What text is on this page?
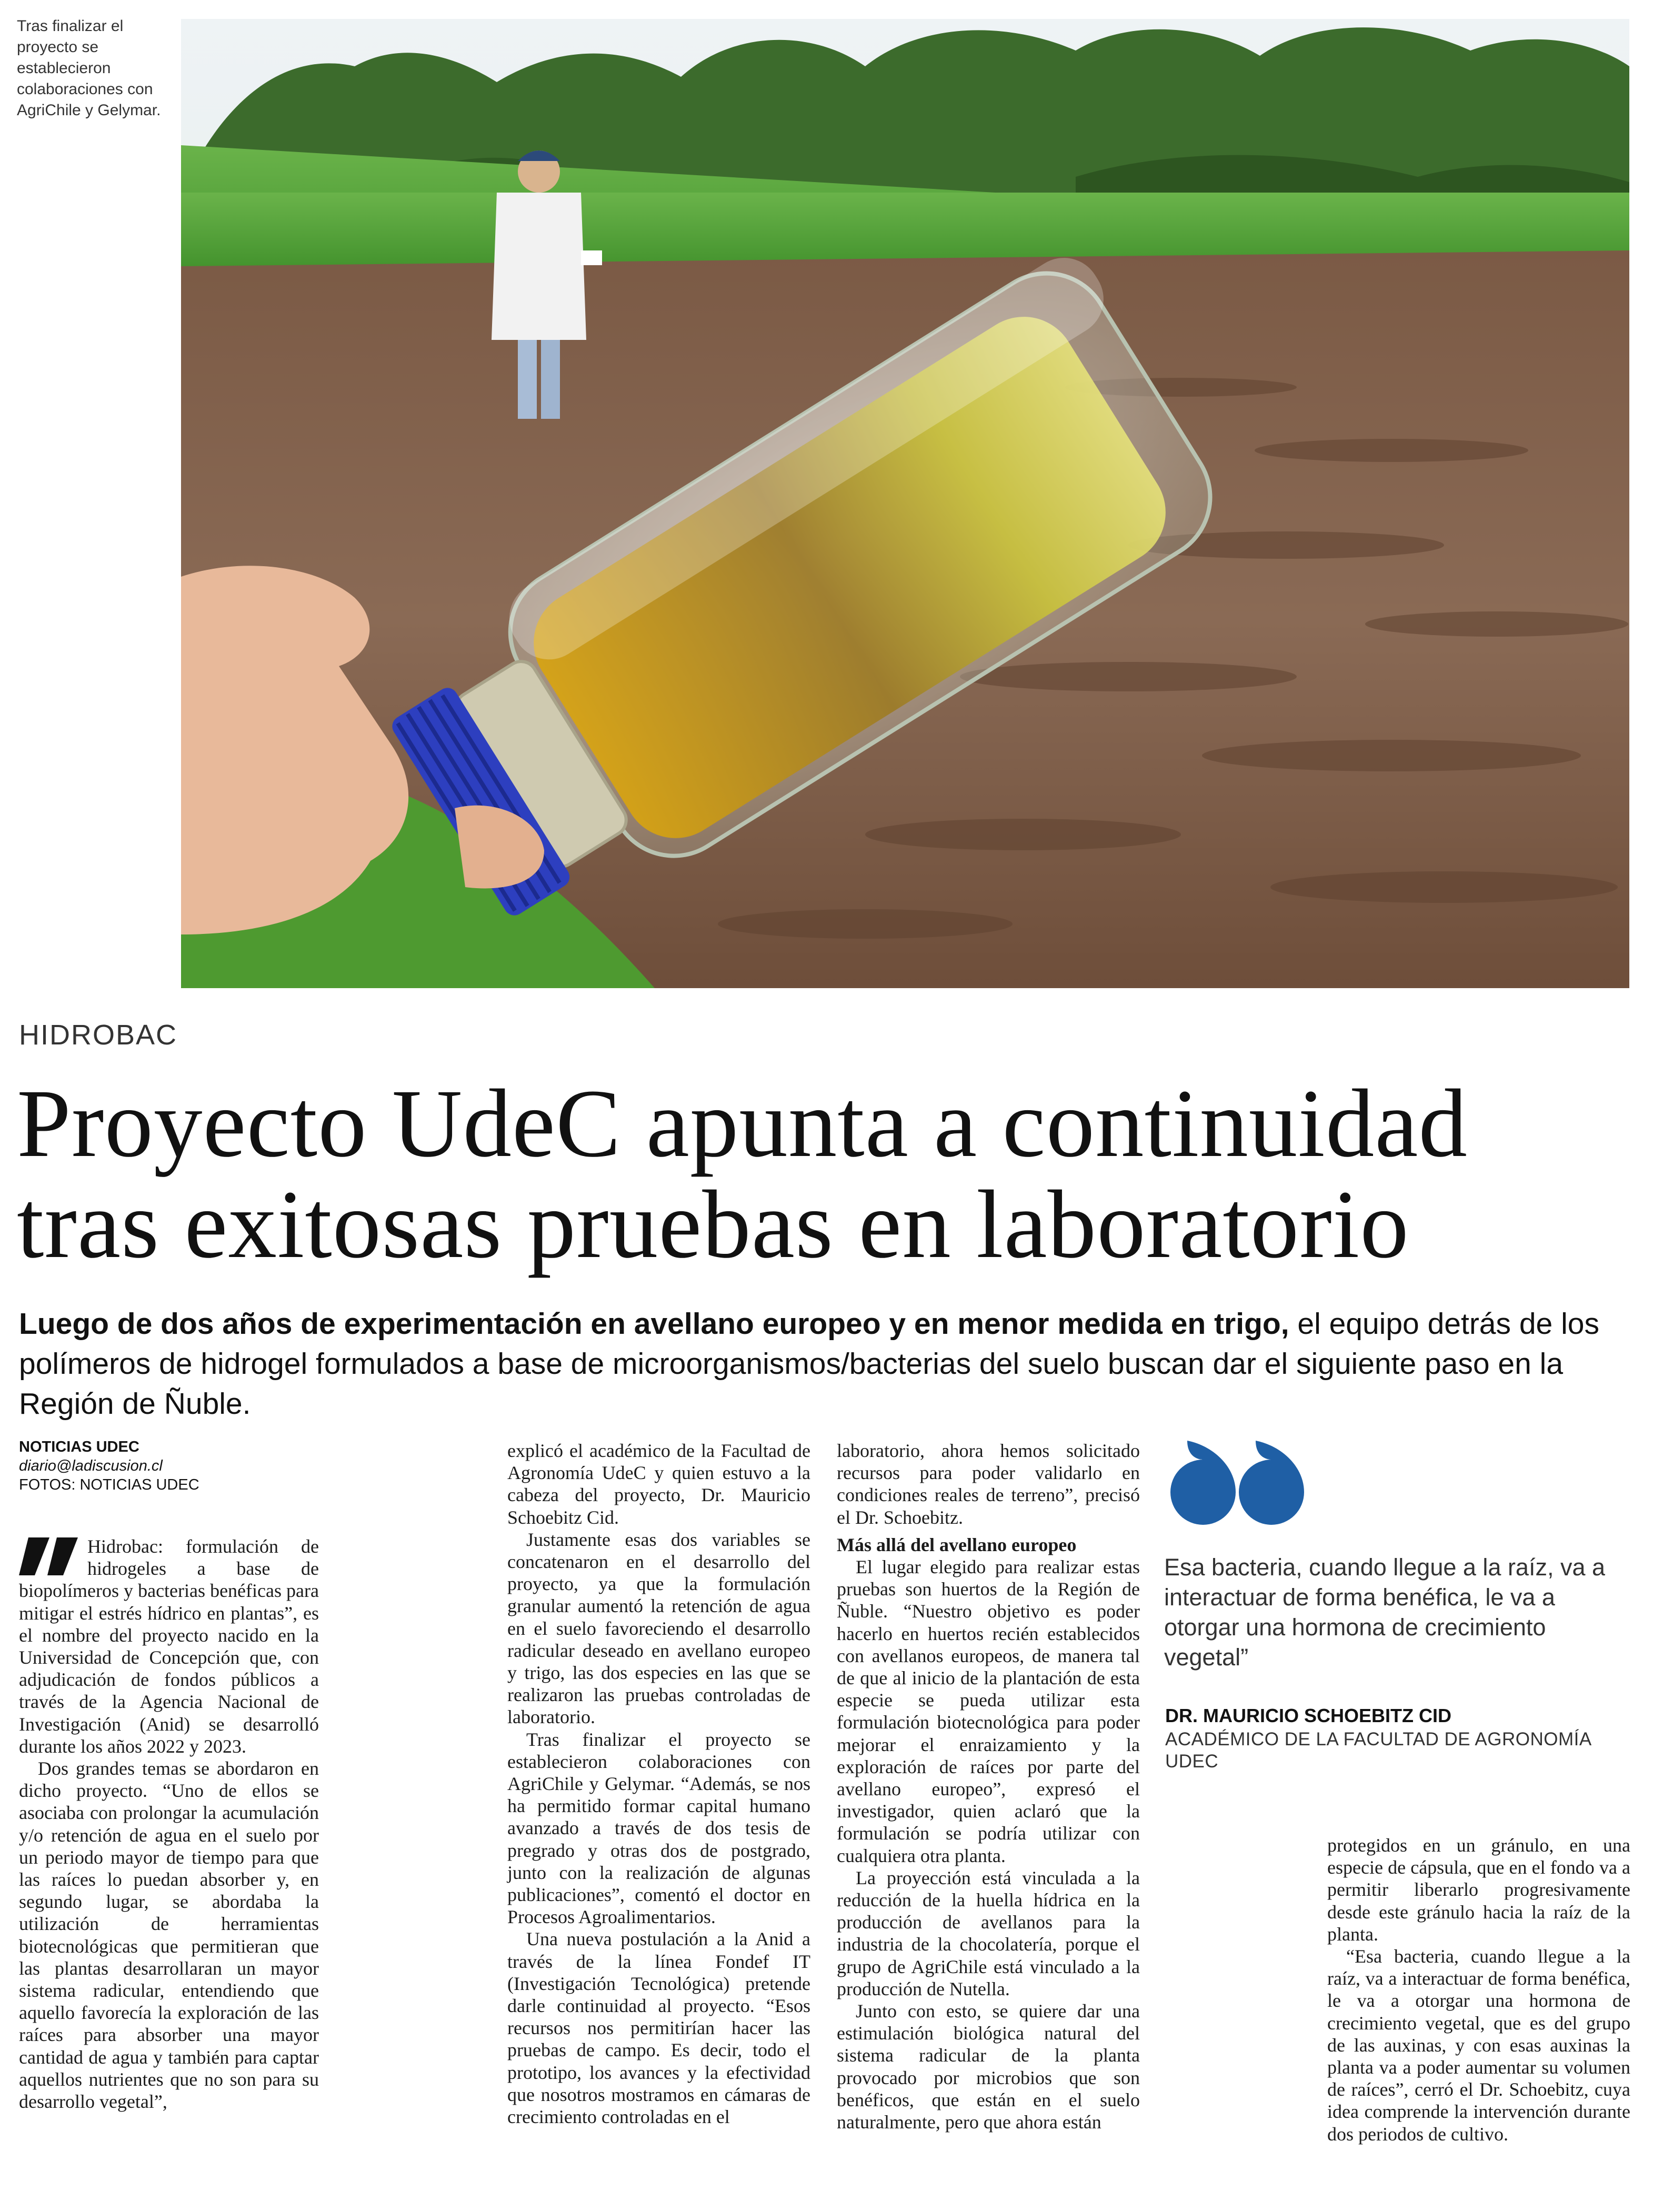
Tras finalizar el proyecto se establecieron colaboraciones con AgriChile y Gelymar.
HIDROBAC
Proyecto UdeC apunta a continuidad
tras exitosas pruebas en laboratorio
Luego de dos años de experimentación en avellano europeo y en menor medida en trigo, el equipo detrás de los polímeros de hidrogel formulados a base de microorganismos/bacterias del suelo buscan dar el siguiente paso en la Región de Ñuble.
NOTICIAS UDEC
diario@ladiscusion.cl
FOTOS: NOTICIAS UDEC

Hidrobac: formulación de hidrogeles a base de biopolímeros y bacterias benéficas para mitigar el estrés hídrico en plantas”, es el nombre del proyecto nacido en la Universidad de Concepción que, con adjudicación de fondos públicos a través de la Agencia Nacional de Investigación (Anid) se desarrolló durante los años 2022 y 2023.

Dos grandes temas se abordaron en dicho proyecto. “Uno de ellos se asociaba con prolongar la acumulación y/o retención de agua en el suelo por un periodo mayor de tiempo para que las raíces lo puedan absorber y, en segundo lugar, se abordaba la utilización de herramientas biotecnológicas que permitieran que las plantas desarrollaran un mayor sistema radicular, entendiendo que aquello favorecía la exploración de las raíces para absorber una mayor cantidad de agua y también para captar aquellos nutrientes que no son para su desarrollo vegetal”,

explicó el académico de la Facultad de Agronomía UdeC y quien estuvo a la cabeza del proyecto, Dr. Mauricio Schoebitz Cid.

Justamente esas dos variables se concatenaron en el desarrollo del proyecto, ya que la formulación granular aumentó la retención de agua en el suelo favoreciendo el desarrollo radicular deseado en avellano europeo y trigo, las dos especies en las que se realizaron las pruebas controladas de laboratorio.

Tras finalizar el proyecto se establecieron colaboraciones con AgriChile y Gelymar. “Además, se nos ha permitido formar capital humano avanzado a través de dos tesis de pregrado y otras dos de postgrado, junto con la realización de algunas publicaciones”, comentó el doctor en Procesos Agroalimentarios.

Una nueva postulación a la Anid a través de la línea Fondef IT (Investigación Tecnológica) pretende darle continuidad al proyecto. “Esos recursos nos permitirían hacer las pruebas de campo. Es decir, todo el prototipo, los avances y la efectividad que nosotros mostramos en cámaras de crecimiento controladas en el

laboratorio, ahora hemos solicitado recursos para poder validarlo en condiciones reales de terreno”, precisó el Dr. Schoebitz.

Más allá del avellano europeo

El lugar elegido para realizar estas pruebas son huertos de la Región de Ñuble. “Nuestro objetivo es poder hacerlo en huertos recién establecidos con avellanos europeos, de manera tal de que al inicio de la plantación de esta especie se pueda utilizar esta formulación biotecnológica para poder mejorar el enraizamiento y la exploración de raíces por parte del avellano europeo”, expresó el investigador, quien aclaró que la formulación se podría utilizar con cualquiera otra planta.

La proyección está vinculada a la reducción de la huella hídrica en la producción de avellanos para la industria de la chocolatería, porque el grupo de AgriChile está vinculado a la producción de Nutella.

Junto con esto, se quiere dar una estimulación biológica natural del sistema radicular de la planta provocado por microbios que son benéficos, que están en el suelo naturalmente, pero que ahora están

Esa bacteria, cuando llegue a la raíz, va a interactuar de forma benéfica, le va a otorgar una hormona de crecimiento vegetal”
DR. MAURICIO SCHOEBITZ CID
ACADÉMICO DE LA FACULTAD DE AGRONOMÍA UDEC

protegidos en un gránulo, en una especie de cápsula, que en el fondo va a permitir liberarlo progresivamente desde este gránulo hacia la raíz de la planta.

“Esa bacteria, cuando llegue a la raíz, va a interactuar de forma benéfica, le va a otorgar una hormona de crecimiento vegetal, que es del grupo de las auxinas, y con esas auxinas la planta va a poder aumentar su volumen de raíces”, cerró el Dr. Schoebitz, cuya idea comprende la intervención durante dos periodos de cultivo.
